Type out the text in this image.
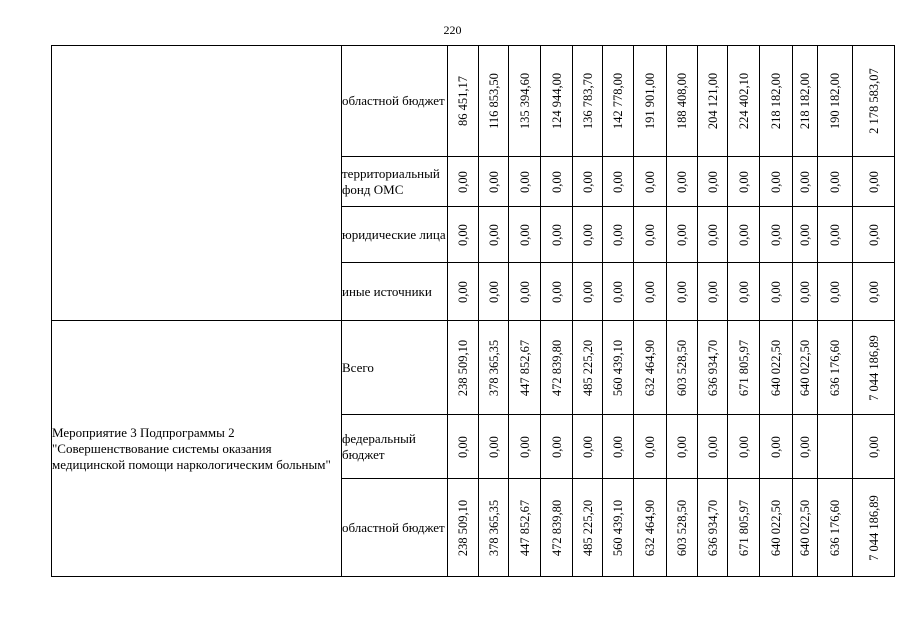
220
	областной бюджет	86 451,17	116 853,50	135 394,60	124 944,00	136 783,70	142 778,00	191 901,00	188 408,00	204 121,00	224 402,10	218 182,00	218 182,00	190 182,00	2 178 583,07

	территориальный фонд ОМС	0,00	0,00	0,00	0,00	0,00	0,00	0,00	0,00	0,00	0,00	0,00	0,00	0,00	0,00

	юридические лица	0,00	0,00	0,00	0,00	0,00	0,00	0,00	0,00	0,00	0,00	0,00	0,00	0,00	0,00

	иные источники	0,00	0,00	0,00	0,00	0,00	0,00	0,00	0,00	0,00	0,00	0,00	0,00	0,00	0,00

Мероприятие 3 Подпрограммы 2 "Совершенствование системы оказания медицинской помощи наркологическим больным"	Всего	238 509,10	378 365,35	447 852,67	472 839,80	485 225,20	560 439,10	632 464,90	603 528,50	636 934,70	671 805,97	640 022,50	640 022,50	636 176,60	7 044 186,89

	федеральный бюджет	0,00	0,00	0,00	0,00	0,00	0,00	0,00	0,00	0,00	0,00	0,00	0,00		0,00

	областной бюджет	238 509,10	378 365,35	447 852,67	472 839,80	485 225,20	560 439,10	632 464,90	603 528,50	636 934,70	671 805,97	640 022,50	640 022,50	636 176,60	7 044 186,89
